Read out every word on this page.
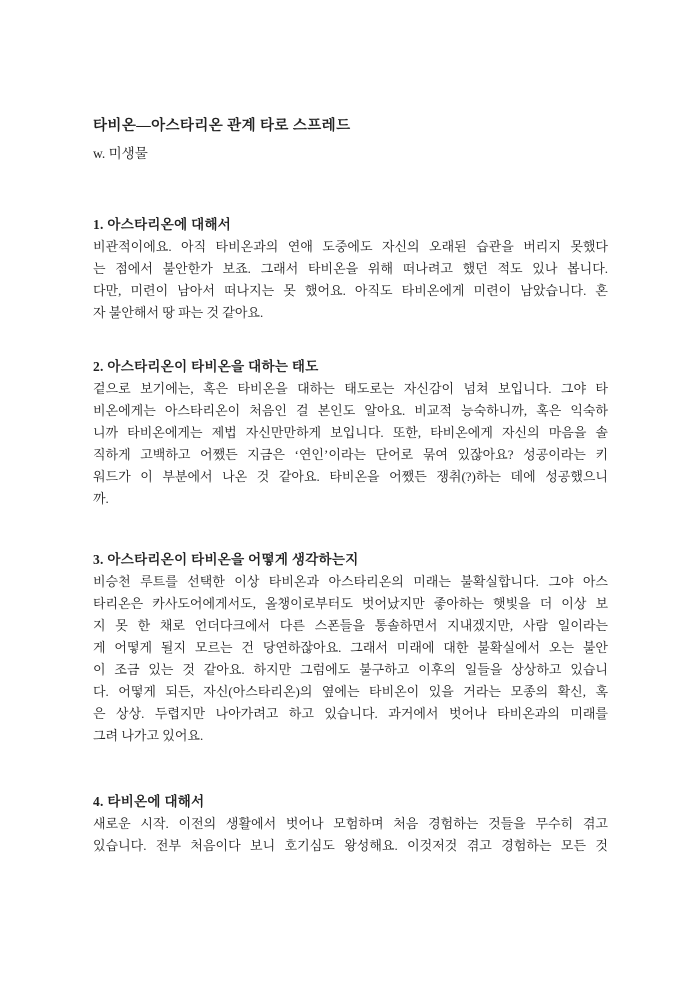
타비온—아스타리온 관계 타로 스프레드
w. 미생물
1. 아스타리온에 대해서
비관적이에요. 아직 타비온과의 연애 도중에도 자신의 오래된 습관을 버리지 못했다
는 점에서 불안한가 보죠. 그래서 타비온을 위해 떠나려고 했던 적도 있나 봅니다.
다만, 미련이 남아서 떠나지는 못 했어요. 아직도 타비온에게 미련이 남았습니다. 혼
자 불안해서 땅 파는 것 같아요.
2. 아스타리온이 타비온을 대하는 태도
겉으로 보기에는, 혹은 타비온을 대하는 태도로는 자신감이 넘쳐 보입니다. 그야 타
비온에게는 아스타리온이 처음인 걸 본인도 알아요. 비교적 능숙하니까, 혹은 익숙하
니까 타비온에게는 제법 자신만만하게 보입니다. 또한, 타비온에게 자신의 마음을 솔
직하게 고백하고 어쨌든 지금은 ‘연인’이라는 단어로 묶여 있잖아요? 성공이라는 키
워드가 이 부분에서 나온 것 같아요. 타비온을 어쨌든 쟁취(?)하는 데에 성공했으니
까.
3. 아스타리온이 타비온을 어떻게 생각하는지
비승천 루트를 선택한 이상 타비온과 아스타리온의 미래는 불확실합니다. 그야 아스
타리온은 카사도어에게서도, 올챙이로부터도 벗어났지만 좋아하는 햇빛을 더 이상 보
지 못 한 채로 언더다크에서 다른 스폰들을 통솔하면서 지내겠지만, 사람 일이라는
게 어떻게 될지 모르는 건 당연하잖아요. 그래서 미래에 대한 불확실에서 오는 불안
이 조금 있는 것 같아요. 하지만 그럼에도 불구하고 이후의 일들을 상상하고 있습니
다. 어떻게 되든, 자신(아스타리온)의 옆에는 타비온이 있을 거라는 모종의 확신, 혹
은 상상. 두렵지만 나아가려고 하고 있습니다. 과거에서 벗어나 타비온과의 미래를
그려 나가고 있어요.
4. 타비온에 대해서
새로운 시작. 이전의 생활에서 벗어나 모험하며 처음 경험하는 것들을 무수히 겪고
있습니다. 전부 처음이다 보니 호기심도 왕성해요. 이것저것 겪고 경험하는 모든 것
